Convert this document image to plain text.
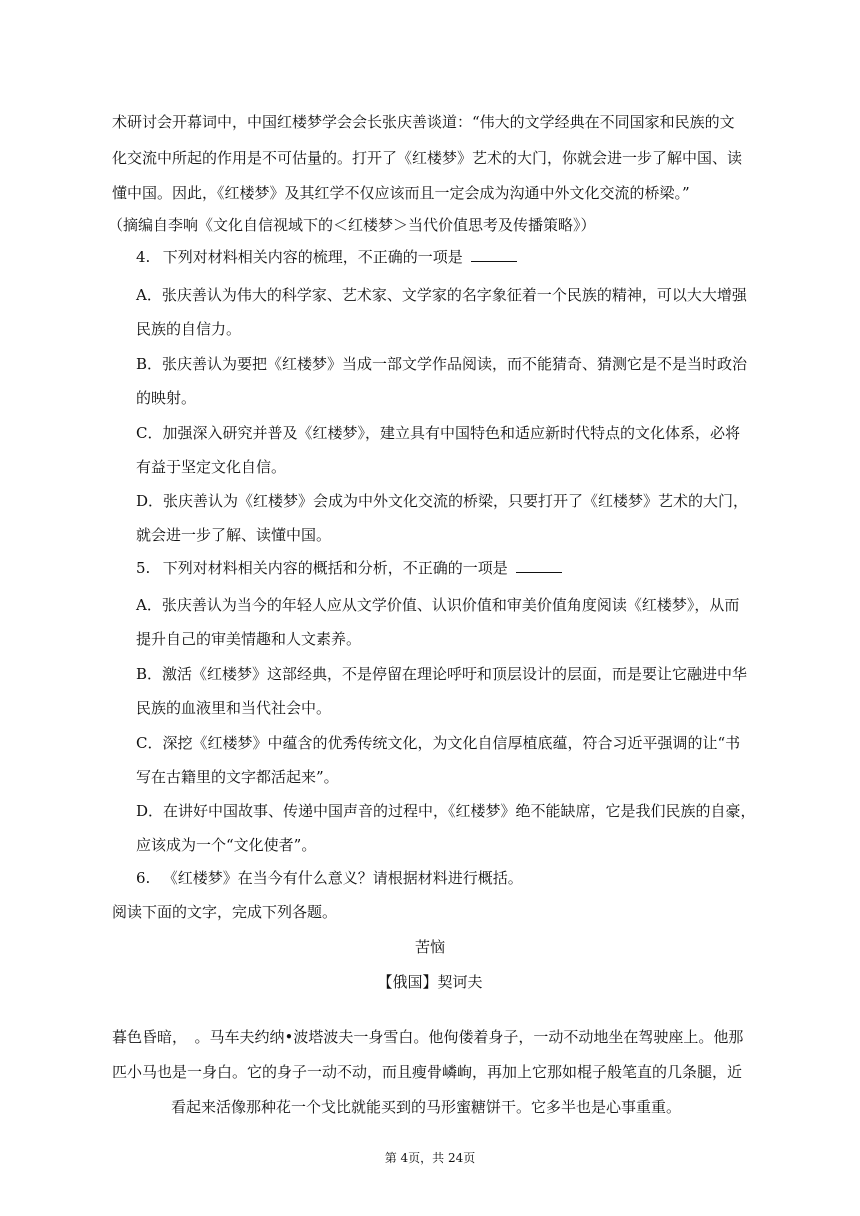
术研讨会开幕词中，中国红楼梦学会会长张庆善谈道：“伟大的文学经典在不同国家和民族的文
化交流中所起的作用是不可估量的。打开了《红楼梦》艺术的大门，你就会进一步了解中国、读
懂中国。因此，《红楼梦》及其红学不仅应该而且一定会成为沟通中外文化交流的桥梁。”
（摘编自李响《文化自信视域下的＜红楼梦＞当代价值思考及传播策略》）
4. 下列对材料相关内容的梳理，不正确的一项是
A．张庆善认为伟大的科学家、艺术家、文学家的名字象征着一个民族的精神，可以大大增强
民族的自信力。
B．张庆善认为要把《红楼梦》当成一部文学作品阅读，而不能猜奇、猜测它是不是当时政治
的映射。
C．加强深入研究并普及《红楼梦》，建立具有中国特色和适应新时代特点的文化体系，必将
有益于坚定文化自信。
D．张庆善认为《红楼梦》会成为中外文化交流的桥梁，只要打开了《红楼梦》艺术的大门，
就会进一步了解、读懂中国。
5. 下列对材料相关内容的概括和分析，不正确的一项是
A．张庆善认为当今的年轻人应从文学价值、认识价值和审美价值角度阅读《红楼梦》，从而
提升自己的审美情趣和人文素养。
B．激活《红楼梦》这部经典，不是停留在理论呼吁和顶层设计的层面，而是要让它融进中华
民族的血液里和当代社会中。
C．深挖《红楼梦》中蕴含的优秀传统文化，为文化自信厚植底蕴，符合习近平强调的让“书
写在古籍里的文字都活起来”。
D．在讲好中国故事、传递中国声音的过程中，《红楼梦》绝不能缺席，它是我们民族的自豪，
应该成为一个“文化使者”。
6. 《红楼梦》在当今有什么意义？请根据材料进行概括。
阅读下面的文字，完成下列各题。
苦恼
【俄国】契诃夫
暮色昏暗，　。马车夫约纳•波塔波夫一身雪白。他佝偻着身子，一动不动地坐在驾驶座上。他那
匹小马也是一身白。它的身子一动不动，而且瘦骨嶙峋，再加上它那如棍子般笔直的几条腿，近
看起来活像那种花一个戈比就能买到的马形蜜糖饼干。它多半也是心事重重。
第 4页，共 24页
